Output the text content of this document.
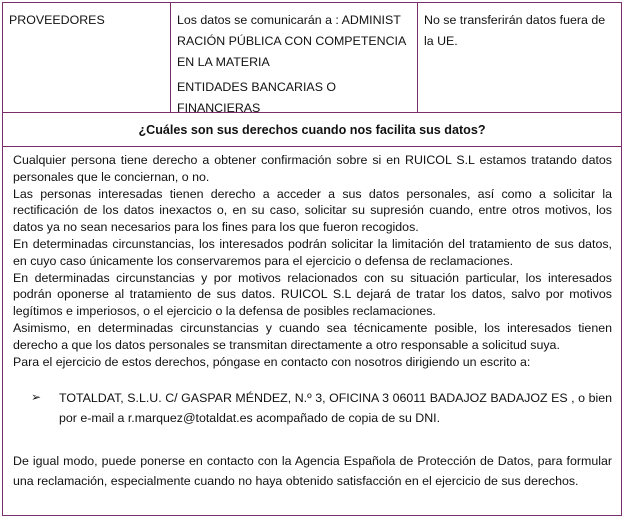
PROVEEDORES	Los datos se comunicarán a : ADMINIST RACIÓN PÚBLICA CON COMPETENCIA EN LA MATERIA
ENTIDADES BANCARIAS O FINANCIERAS
No se transferirán datos fuera de la UE.
¿Cuáles son sus derechos cuando nos facilita sus datos?

Cualquier persona tiene derecho a obtener confirmación sobre si en RUICOL S.L estamos tratando datos personales que le conciernan, o no.

Las personas interesadas tienen derecho a acceder a sus datos personales, así como a solicitar la rectificación de los datos inexactos o, en su caso, solicitar su supresión cuando, entre otros motivos, los datos ya no sean necesarios para los fines para los que fueron recogidos.

En determinadas circunstancias, los interesados podrán solicitar la limitación del tratamiento de sus datos, en cuyo caso únicamente los conservaremos para el ejercicio o defensa de reclamaciones.

En determinadas circunstancias y por motivos relacionados con su situación particular, los interesados podrán oponerse al tratamiento de sus datos. RUICOL S.L dejará de tratar los datos, salvo por motivos legítimos e imperiosos, o el ejercicio o la defensa de posibles reclamaciones.

Asimismo, en determinadas circunstancias y cuando sea técnicamente posible, los interesados tienen derecho a que los datos personales se transmitan directamente a otro responsable a solicitud suya.

Para el ejercicio de estos derechos, póngase en contacto con nosotros dirigiendo un escrito a:

➢	TOTALDAT, S.L.U. C/ GASPAR MÉNDEZ, N.º 3, OFICINA 3 06011 BADAJOZ BADAJOZ ES , o bien por e-mail a r.marquez@totaldat.es acompañado de copia de su DNI.

De igual modo, puede ponerse en contacto con la Agencia Española de Protección de Datos, para formular una reclamación, especialmente cuando no haya obtenido satisfacción en el ejercicio de sus derechos.
